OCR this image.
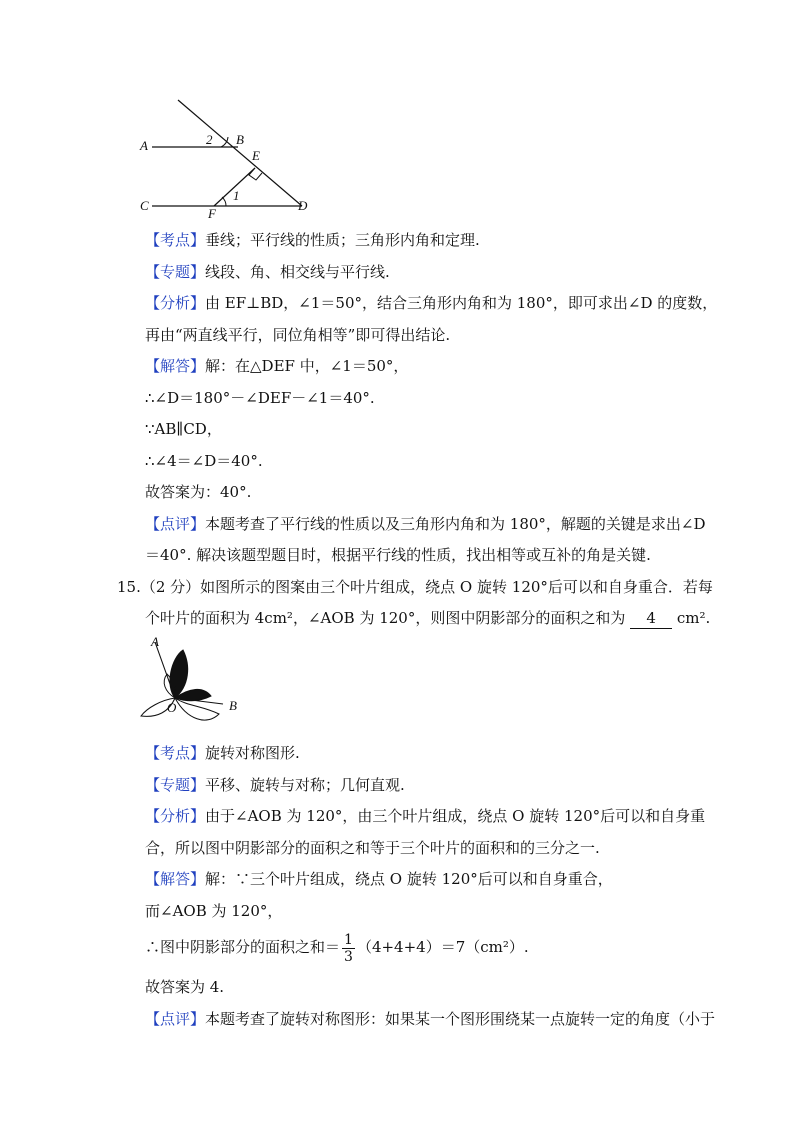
A	2 B
E
1
C
F
D
【考点】垂线；平行线的性质；三角形内角和定理.
【专题】线段、角、相交线与平行线.
【分析】由 EF⊥BD，∠1＝50°，结合三角形内角和为 180°，即可求出∠D 的度数，
再由“两直线平行，同位角相等”即可得出结论.
【解答】解：在△DEF 中，∠1＝50°，
∴∠D＝180°－∠DEF－∠1＝40°.
∵AB∥CD，
∴∠4＝∠D＝40°.
故答案为：40°.
【点评】本题考查了平行线的性质以及三角形内角和为 180°，解题的关键是求出∠D
＝40°. 解决该题型题目时，根据平行线的性质，找出相等或互补的角是关键.
15.（2 分）如图所示的图案由三个叶片组成，绕点 O 旋转 120°后可以和自身重合．若每
个叶片的面积为 4cm²，∠AOB 为 120°，则图中阴影部分的面积之和为 4 cm².
A
O	B
【考点】旋转对称图形.
【专题】平移、旋转与对称；几何直观.
【分析】由于∠AOB 为 120°，由三个叶片组成，绕点 O 旋转 120°后可以和自身重
合，所以图中阴影部分的面积之和等于三个叶片的面积和的三分之一.
【解答】解：∵三个叶片组成，绕点 O 旋转 120°后可以和自身重合，
而∠AOB 为 120°，
∴图中阴影部分的面积之和＝ $\frac{1}{3} (4+4+4)=7(cm^2)$.
故答案为 4.
【点评】本题考查了旋转对称图形：如果某一个图形围绕某一点旋转一定的角度（小于
